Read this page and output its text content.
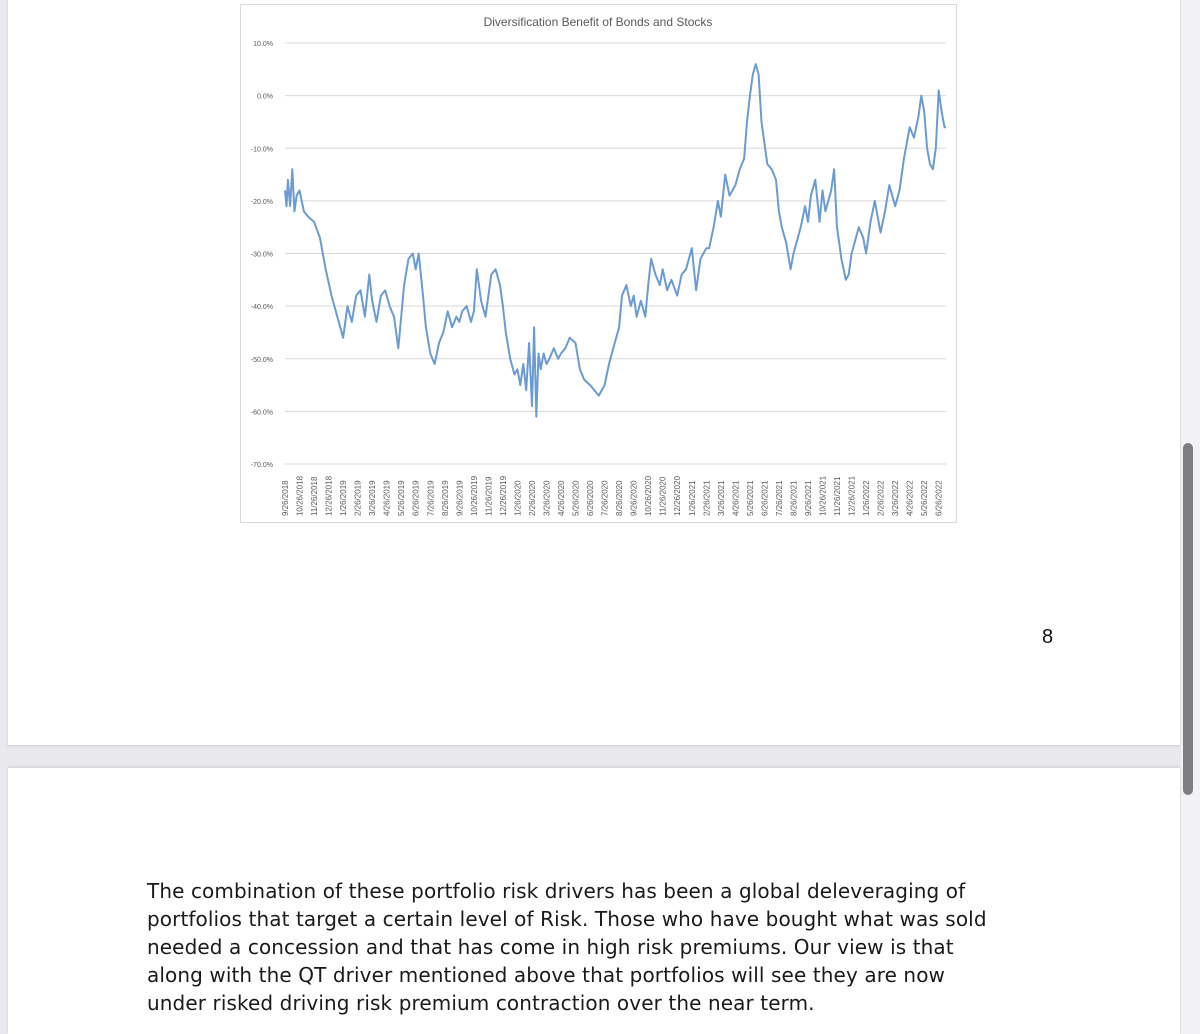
Diversification Benefit of Bonds and Stocks
10.0%
0.0%
-10.0%
-20.0%
-30.0%
-40.0%
-50.0%
-60.0%
-70.0%
9/26/2018 10/26/2018 11/26/2018 12/26/2018 1/26/2019 2/26/2019 3/26/2019 4/26/2019 5/26/2019 6/26/2019 7/26/2019 8/26/2019 9/26/2019 10/26/2019 11/26/2019 12/26/2019 1/26/2020 2/26/2020 3/26/2020 4/26/2020 5/26/2020 6/26/2020 7/26/2020 8/26/2020 9/26/2020 10/26/2020 11/26/2020 12/26/2020 1/26/2021 2/26/2021 3/26/2021 4/26/2021 5/26/2021 6/26/2021 7/26/2021 8/26/2021 9/26/2021 10/26/2021 11/26/2021 12/26/2021 1/26/2022 2/26/2022 3/26/2022 4/26/2022 5/26/2022 6/26/2022
8

The combination of these portfolio risk drivers has been a global deleveraging of
portfolios that target a certain level of Risk. Those who have bought what was sold
needed a concession and that has come in high risk premiums. Our view is that
along with the QT driver mentioned above that portfolios will see they are now
under risked driving risk premium contraction over the near term.
